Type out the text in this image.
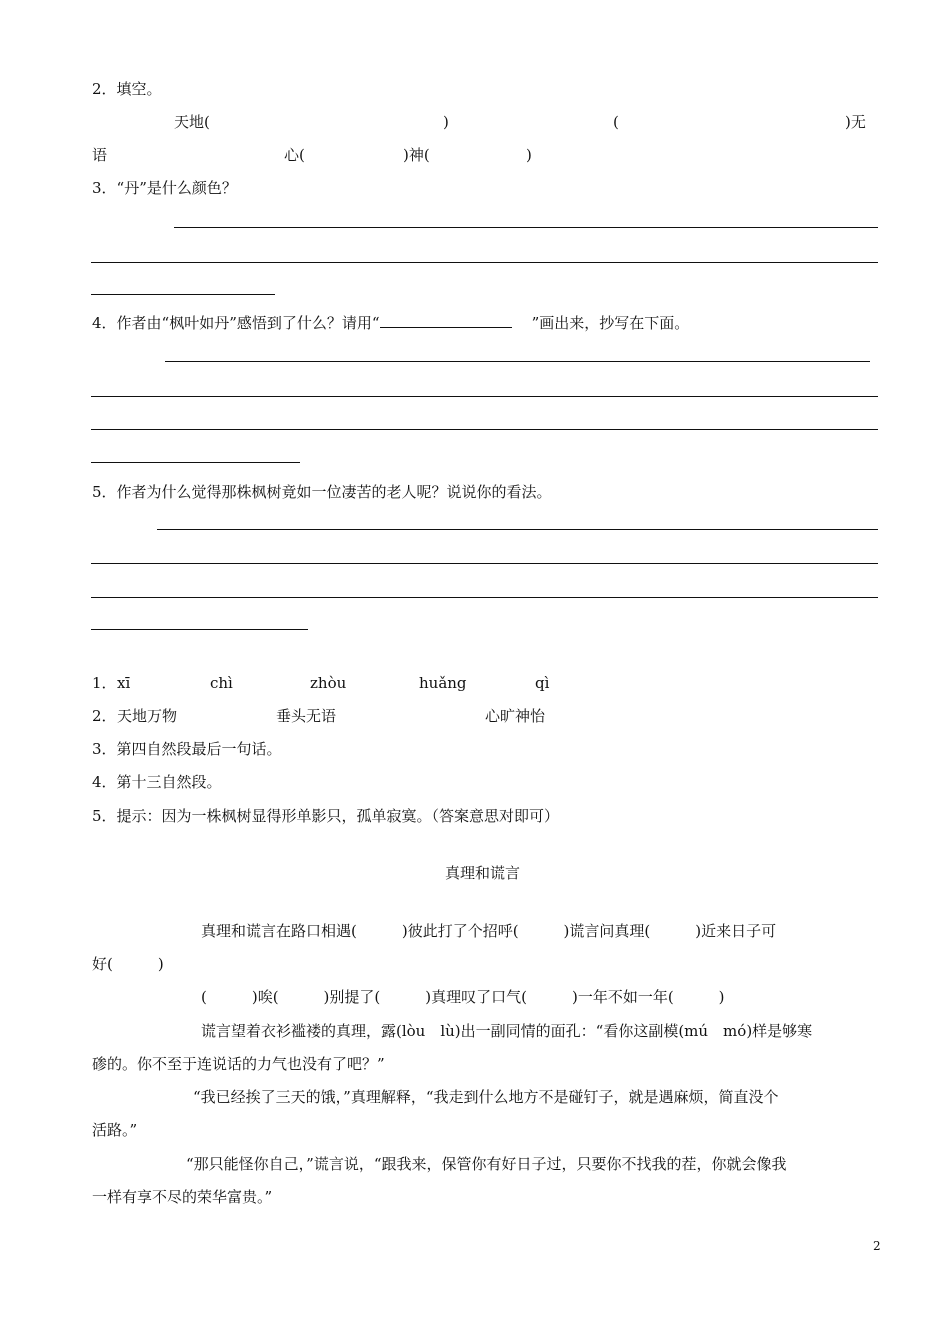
2．填空。
天地(	)	(	)无
语	心(	)神(	)
3．“丹”是什么颜色？
4．作者由“枫叶如丹”感悟到了什么？请用“	”画出来，抄写在下面。
5．作者为什么觉得那株枫树竟如一位凄苦的老人呢？说说你的看法。
1． xī	chì	zhòu	huǎng	qì
2． 天地万物	垂头无语	心旷神怡
3．第四自然段最后一句话。
4．第十三自然段。
5．提示：因为一株枫树显得形单影只，孤单寂寞。（答案意思对即可）
真理和谎言
真理和谎言在路口相遇(　　　)彼此打了个招呼(　　　)谎言问真理(　　　)近来日子可
好(　　　)
(　　　)唉(　　　)别提了(　　　)真理叹了口气(　　　)一年不如一年(　　　)
谎言望着衣衫褴褛的真理，露(lòu　lù)出一副同情的面孔：“看你这副模(mú　mó)样是够寒
碜的。你不至于连说话的力气也没有了吧？”
“我已经挨了三天的饿，”真理解释，“我走到什么地方不是碰钉子，就是遇麻烦，简直没个
活路。”
“那只能怪你自己，”谎言说，“跟我来，保管你有好日子过，只要你不找我的茬，你就会像我
一样有享不尽的荣华富贵。”
2
